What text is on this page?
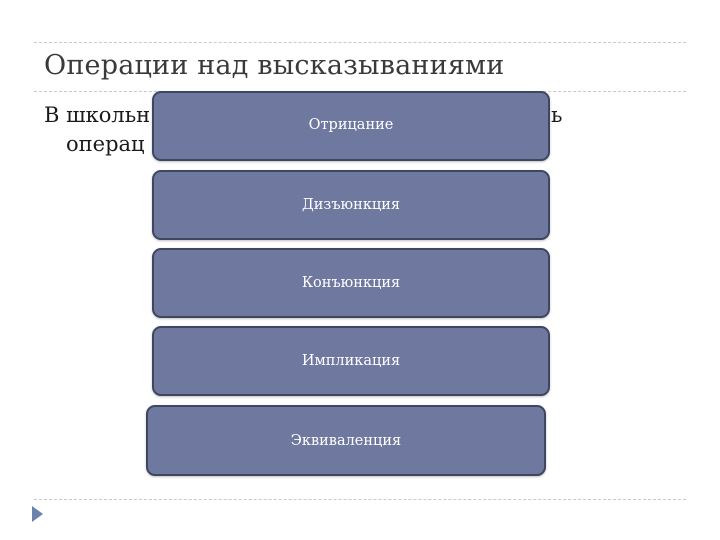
Операции над высказываниями
В школьн	ь
операц
Отрицание
Дизъюнкция
Конъюнкция
Импликация
Эквиваленция
